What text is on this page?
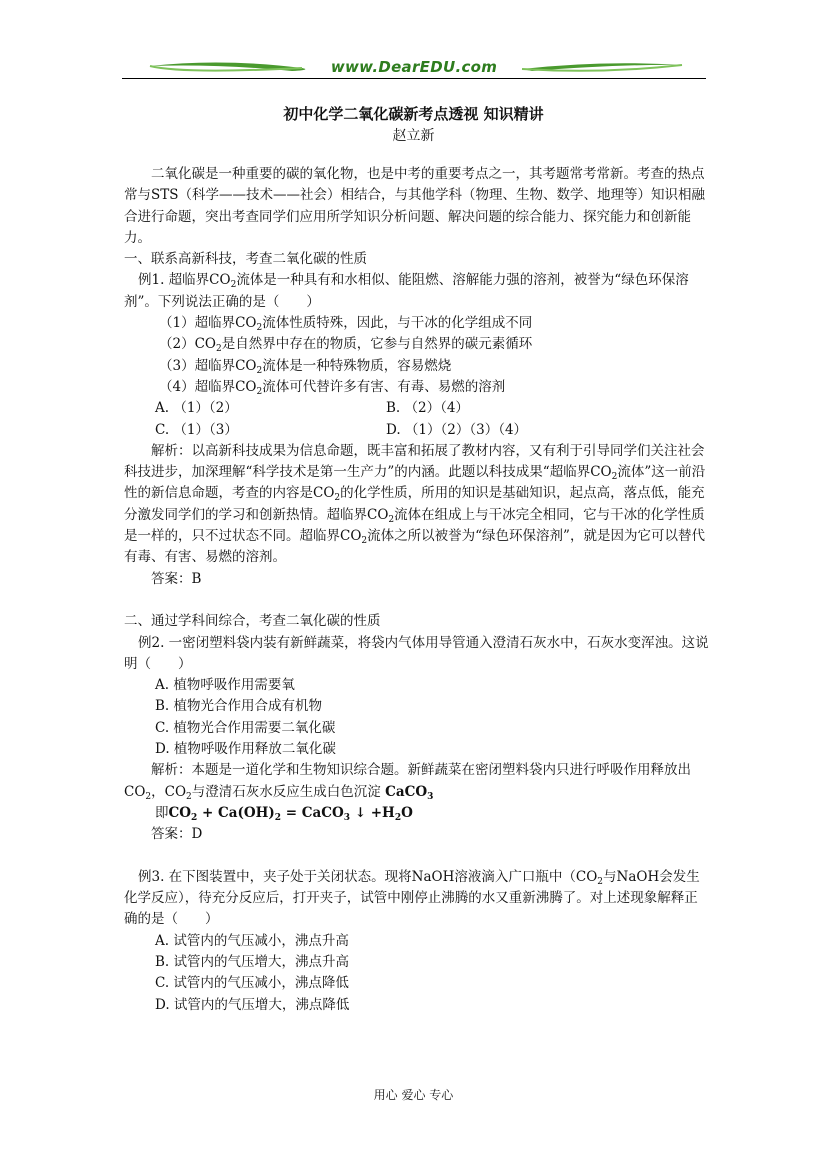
www.DearEDU.com
初中化学二氧化碳新考点透视 知识精讲
赵立新

二氧化碳是一种重要的碳的氧化物，也是中考的重要考点之一，其考题常考常新。考查的热点常与STS（科学——技术——社会）相结合，与其他学科（物理、生物、数学、地理等）知识相融合进行命题，突出考查同学们应用所学知识分析问题、解决问题的综合能力、探究能力和创新能力。

一、联系高新科技，考查二氧化碳的性质

例1. 超临界$CO_2$流体是一种具有和水相似、能阻燃、溶解能力强的溶剂，被誉为“绿色环保溶剂”。下列说法正确的是（　　）

（1）超临界$CO_2$流体性质特殊，因此，与干冰的化学组成不同

$(2)CO_2$是自然界中存在的物质，它参与自然界的碳元素循环

（3）超临界$CO_2$流体是一种特殊物质，容易燃烧

（4）超临界$CO_2$流体可代替许多有害、有毒、易燃的溶剂

A. （1）（2）	B. （2）（4）
C. （1）（3）	D. （1）（2）（3）（4）

解析：以高新科技成果为信息命题，既丰富和拓展了教材内容，又有利于引导同学们关注社会科技进步，加深理解“科学技术是第一生产力”的内涵。此题以科技成果“超临界$CO_2$流体”这一前沿性的新信息命题，考查的内容是$CO_2$的化学性质，所用的知识是基础知识，起点高，落点低，能充分激发同学们的学习和创新热情。超临界$CO_2$流体在组成上与干冰完全相同，它与干冰的化学性质是一样的，只不过状态不同。超临界$CO_2$流体之所以被誉为“绿色环保溶剂”，就是因为它可以替代有毒、有害、易燃的溶剂。

答案：B

二、通过学科间综合，考查二氧化碳的性质

例2. 一密闭塑料袋内装有新鲜蔬菜，将袋内气体用导管通入澄清石灰水中，石灰水变浑浊。这说明（　　）

A. 植物呼吸作用需要氧

B. 植物光合作用合成有机物

C. 植物光合作用需要二氧化碳

D. 植物呼吸作用释放二氧化碳

解析：本题是一道化学和生物知识综合题。新鲜蔬菜在密闭塑料袋内只进行呼吸作用释放出$CO_2$，$CO_2$与澄清石灰水反应生成白色沉淀 CaCO$_3$

即$CO_2 + Ca(OH)_2$ = CaCO$_3$ ↓ $+H_2O$

答案：D

例3. 在下图装置中，夹子处于关闭状态。现将NaOH溶液滴入广口瓶中（$CO_2$与NaOH会发生化学反应），待充分反应后，打开夹子，试管中刚停止沸腾的水又重新沸腾了。对上述现象解释正确的是（　　）

A. 试管内的气压减小，沸点升高

B. 试管内的气压增大，沸点升高

C. 试管内的气压减小，沸点降低

D. 试管内的气压增大，沸点降低

用心 爱心 专心
